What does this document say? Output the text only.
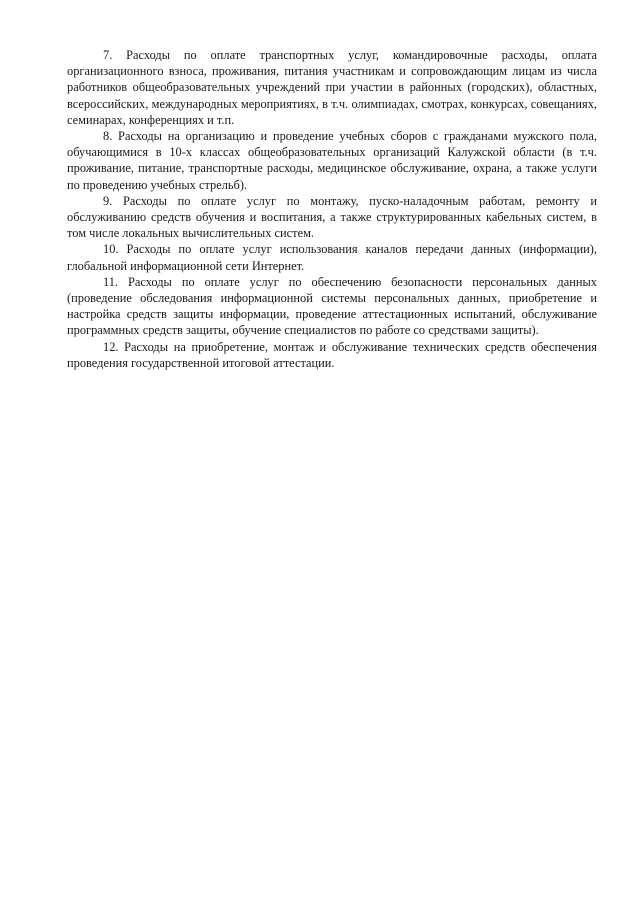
7. Расходы по оплате транспортных услуг, командировочные расходы, оплата организационного взноса, проживания, питания участникам и сопровождающим лицам из числа работников общеобразовательных учреждений при участии в районных (городских), областных, всероссийских, международных мероприятиях, в т.ч. олимпиадах, смотрах, конкурсах, совещаниях, семинарах, конференциях и т.п.

8. Расходы на организацию и проведение учебных сборов с гражданами мужского пола, обучающимися в 10-х классах общеобразовательных организаций Калужской области (в т.ч. проживание, питание, транспортные расходы, медицинское обслуживание, охрана, а также услуги по проведению учебных стрельб).

9. Расходы по оплате услуг по монтажу, пуско-наладочным работам, ремонту и обслуживанию средств обучения и воспитания, а также структурированных кабельных систем, в том числе локальных вычислительных систем.

10. Расходы по оплате услуг использования каналов передачи данных (информации), глобальной информационной сети Интернет.

11. Расходы по оплате услуг по обеспечению безопасности персональных данных (проведение обследования информационной системы персональных данных, приобретение и настройка средств защиты информации, проведение аттестационных испытаний, обслуживание программных средств защиты, обучение специалистов по работе со средствами защиты).

12. Расходы на приобретение, монтаж и обслуживание технических средств обеспечения проведения государственной итоговой аттестации.
